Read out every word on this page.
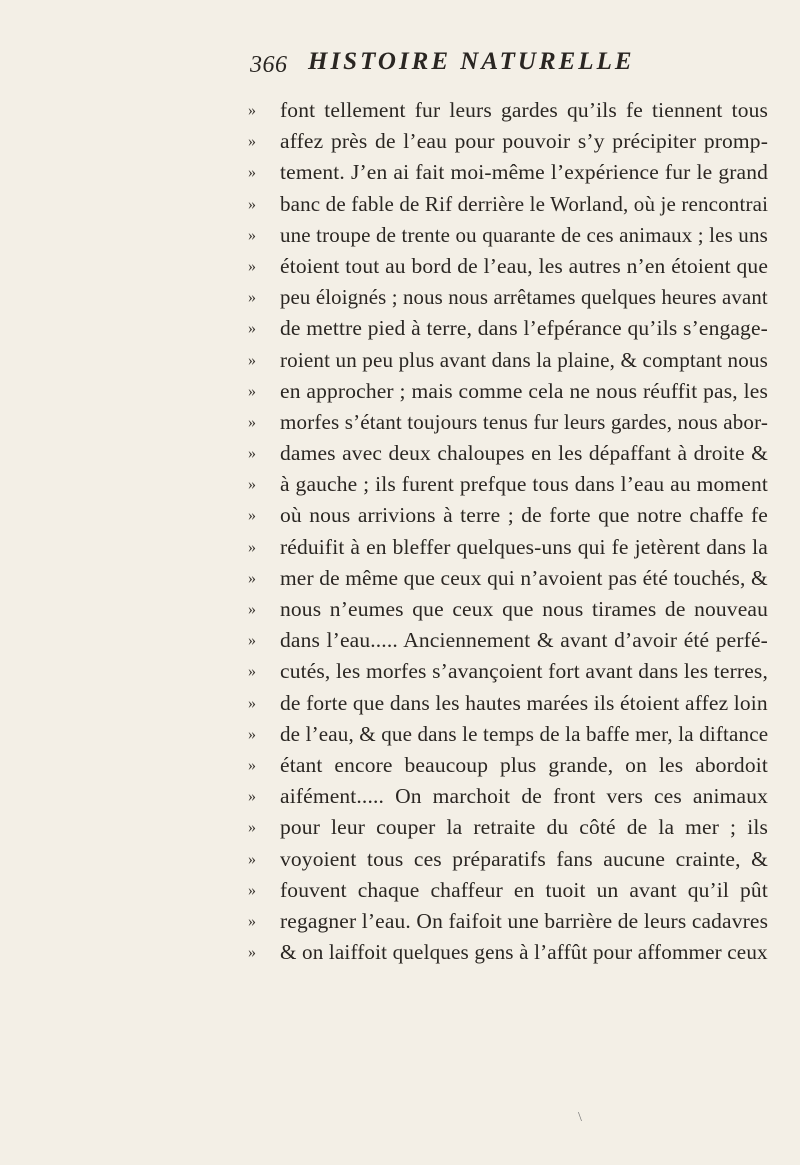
366 HISTOIRE NATURELLE
»	font tellement fur leurs gardes qu’ils fe tiennent tous
»	affez près de l’eau pour pouvoir s’y précipiter promp-
»	tement. J’en ai fait moi-même l’expérience fur le grand
»	banc de fable de Rif derrière le Worland, où je rencontrai
»	une troupe de trente ou quarante de ces animaux ; les uns
»	étoient tout au bord de l’eau, les autres n’en étoient que
»	peu éloignés ; nous nous arrêtames quelques heures avant
»	de mettre pied à terre, dans l’efpérance qu’ils s’engage-
»	roient un peu plus avant dans la plaine, & comptant nous
»	en approcher ; mais comme cela ne nous réuffit pas, les
»	morfes s’étant toujours tenus fur leurs gardes, nous abor-
»	dames avec deux chaloupes en les dépaffant à droite &
»	à gauche ; ils furent prefque tous dans l’eau au moment
»	où nous arrivions à terre ; de forte que notre chaffe fe
»	réduifit à en bleffer quelques-uns qui fe jetèrent dans la
»	mer de même que ceux qui n’avoient pas été touchés, &
»	nous n’eumes que ceux que nous tirames de nouveau
»	dans l’eau..... Anciennement & avant d’avoir été perfé-
»	cutés, les morfes s’avançoient fort avant dans les terres,
»	de forte que dans les hautes marées ils étoient affez loin
»	de l’eau, & que dans le temps de la baffe mer, la diftance
»	étant encore beaucoup plus grande, on les abordoit
»	aifément..... On marchoit de front vers ces animaux
»	pour leur couper la retraite du côté de la mer ; ils
»	voyoient tous ces préparatifs fans aucune crainte, &
»	fouvent chaque chaffeur en tuoit un avant qu’il pût
»	regagner l’eau. On faifoit une barrière de leurs cadavres
»	& on laiffoit quelques gens à l’affût pour affommer ceux
\
